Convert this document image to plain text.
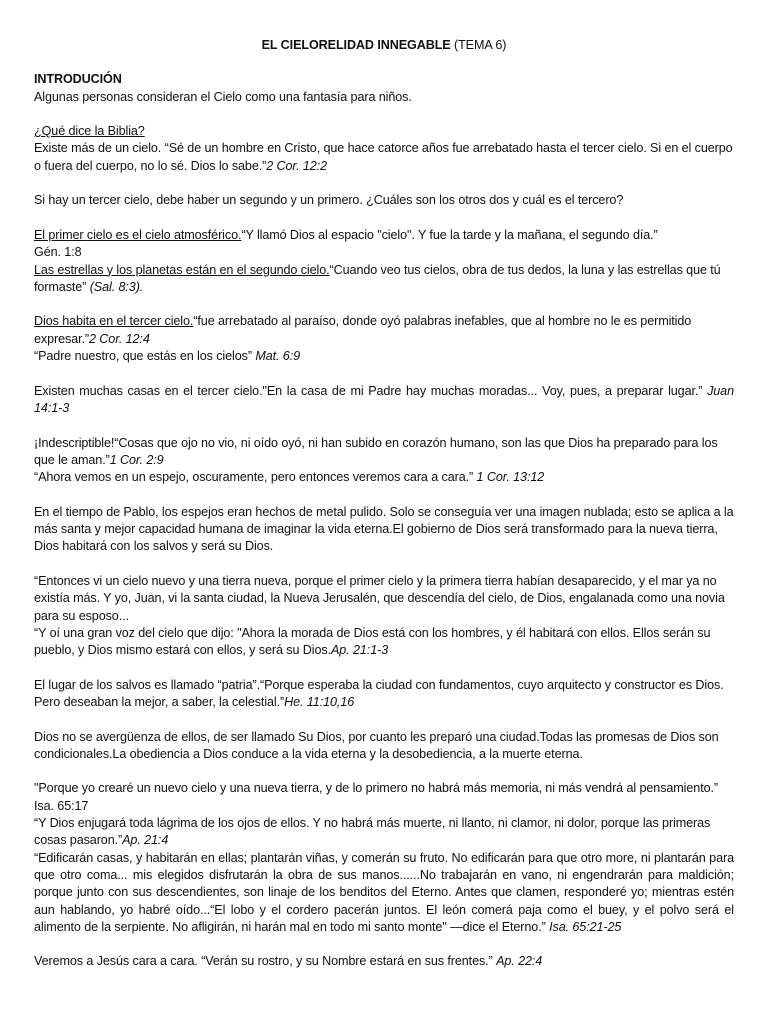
EL CIELORELIDAD INNEGABLE (TEMA 6)

INTRODUCIÓN
Algunas personas consideran el Cielo como una fantasía para niños.

¿Qué dice la Biblia?
Existe más de un cielo. “Sé de un hombre en Cristo, que hace catorce años fue arrebatado hasta el tercer cielo. Si en el cuerpo o fuera del cuerpo, no lo sé. Dios lo sabe.”2 Cor. 12:2

Si hay un tercer cielo, debe haber un segundo y un primero. ¿Cuáles son los otros dos y cuál es el tercero?

El primer cielo es el cielo atmosférico.“Y llamó Dios al espacio "cielo". Y fue la tarde y la mañana, el segundo día.”
Gén. 1:8
Las estrellas y los planetas están en el segundo cielo.“Cuando veo tus cielos, obra de tus dedos, la luna y las estrellas que tú formaste” (Sal. 8:3).

Dios habita en el tercer cielo.“fue arrebatado al paraíso, donde oyó palabras inefables, que al hombre no le es permitido expresar.”2 Cor. 12:4
“Padre nuestro, que estás en los cielos” Mat. 6:9

Existen muchas casas en el tercer cielo."En la casa de mi Padre hay muchas moradas... Voy, pues, a preparar lugar.” Juan 14:1-3

¡Indescriptible!“Cosas que ojo no vio, ni oído oyó, ni han subido en corazón humano, son las que Dios ha preparado para los que le aman.”1 Cor. 2:9
“Ahora vemos en un espejo, oscuramente, pero entonces veremos cara a cara.” 1 Cor. 13:12

En el tiempo de Pablo, los espejos eran hechos de metal pulido. Solo se conseguía ver una imagen nublada; esto se aplica a la más santa y mejor capacidad humana de imaginar la vida eterna.El gobierno de Dios será transformado para la nueva tierra, Dios habitará con los salvos y será su Dios.

“Entonces vi un cielo nuevo y una tierra nueva, porque el primer cielo y la primera tierra habían desaparecido, y el mar ya no existía más. Y yo, Juan, vi la santa ciudad, la Nueva Jerusalén, que descendía del cielo, de Dios, engalanada como una novia para su esposo...
“Y oí una gran voz del cielo que dijo: "Ahora la morada de Dios está con los hombres, y él habitará con ellos. Ellos serán su pueblo, y Dios mismo estará con ellos, y será su Dios.Ap. 21:1-3

El lugar de los salvos es llamado “patria”.“Porque esperaba la ciudad con fundamentos, cuyo arquitecto y constructor es Dios. Pero deseaban la mejor, a saber, la celestial.”He. 11:10,16

Dios no se avergüenza de ellos, de ser llamado Su Dios, por cuanto les preparó una ciudad.Todas las promesas de Dios son condicionales.La obediencia a Dios conduce a la vida eterna y la desobediencia, a la muerte eterna.

"Porque yo crearé un nuevo cielo y una nueva tierra, y de lo primero no habrá más memoria, ni más vendrá al pensamiento.” Isa. 65:17
“Y Dios enjugará toda lágrima de los ojos de ellos. Y no habrá más muerte, ni llanto, ni clamor, ni dolor, porque las primeras cosas pasaron.”Ap. 21:4
“Edificarán casas, y habitarán en ellas; plantarán viñas, y comerán su fruto. No edificarán para que otro more, ni plantarán para que otro coma... mis elegidos disfrutarán la obra de sus manos......No trabajarán en vano, ni engendrarán para maldición; porque junto con sus descendientes, son linaje de los benditos del Eterno. Antes que clamen, responderé yo; mientras estén aun hablando, yo habré oído...“El lobo y el cordero pacerán juntos. El león comerá paja como el buey, y el polvo será el alimento de la serpiente. No afligirán, ni harán mal en todo mi santo monte" —dice el Eterno.” Isa. 65:21-25

Veremos a Jesús cara a cara. “Verán su rostro, y su Nombre estará en sus frentes.” Ap. 22:4
